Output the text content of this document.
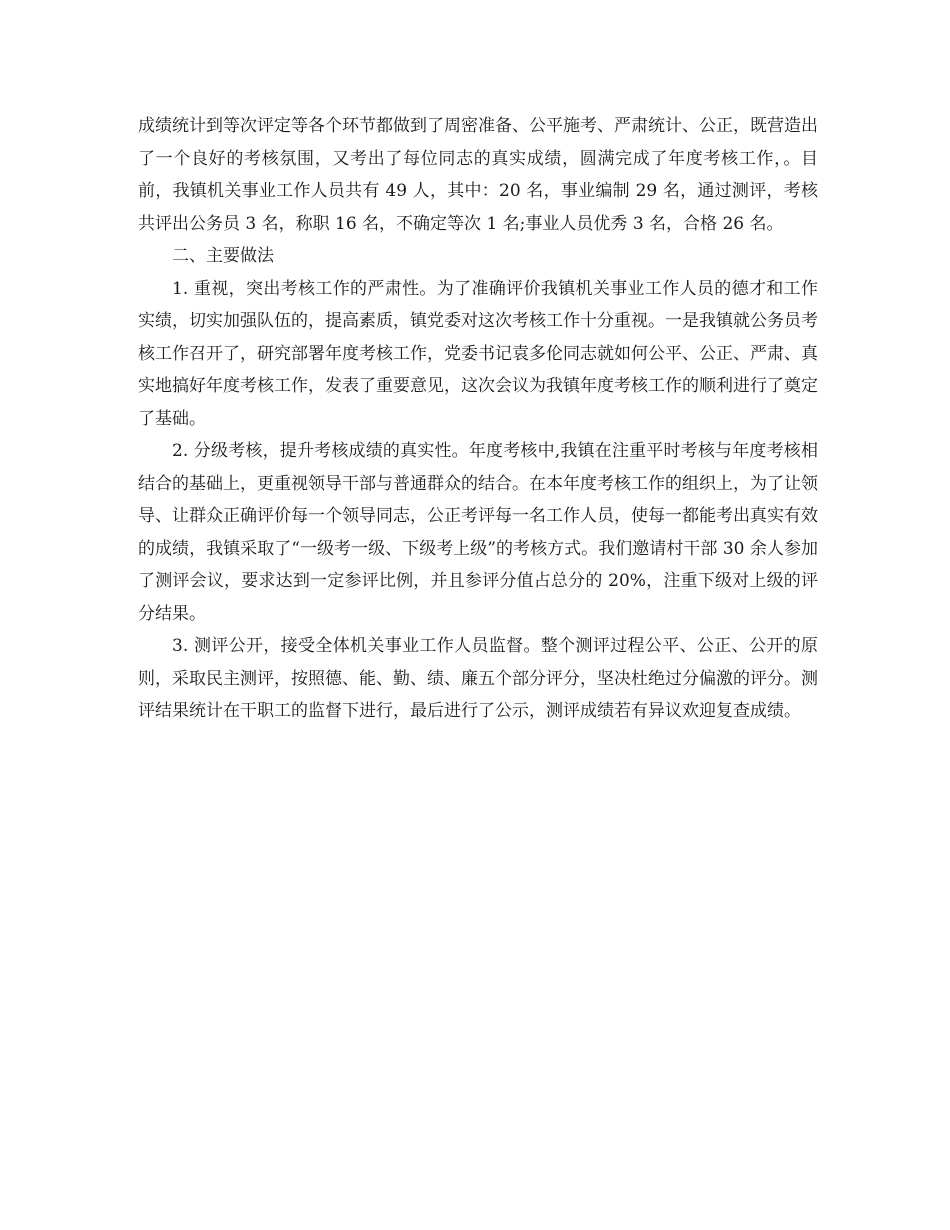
成绩统计到等次评定等各个环节都做到了周密准备、公平施考、严肃统计、公正，既营造出了一个良好的考核氛围，又考出了每位同志的真实成绩，圆满完成了年度考核工作，。目前，我镇机关事业工作人员共有 49 人，其中：20 名，事业编制 29 名，通过测评，考核共评出公务员 3 名，称职 16 名，不确定等次 1 名;事业人员优秀 3 名，合格 26 名。

二、主要做法

1. 重视，突出考核工作的严肃性。为了准确评价我镇机关事业工作人员的德才和工作实绩，切实加强队伍的，提高素质，镇党委对这次考核工作十分重视。一是我镇就公务员考核工作召开了，研究部署年度考核工作，党委书记袁多伦同志就如何公平、公正、严肃、真实地搞好年度考核工作，发表了重要意见，这次会议为我镇年度考核工作的顺利进行了奠定了基础。

2. 分级考核，提升考核成绩的真实性。年度考核中,我镇在注重平时考核与年度考核相结合的基础上，更重视领导干部与普通群众的结合。在本年度考核工作的组织上，为了让领导、让群众正确评价每一个领导同志，公正考评每一名工作人员，使每一都能考出真实有效的成绩，我镇采取了“一级考一级、下级考上级”的考核方式。我们邀请村干部 30 余人参加了测评会议，要求达到一定参评比例，并且参评分值占总分的 20%，注重下级对上级的评分结果。

3. 测评公开，接受全体机关事业工作人员监督。整个测评过程公平、公正、公开的原则，采取民主测评，按照德、能、勤、绩、廉五个部分评分，坚决杜绝过分偏激的评分。测评结果统计在干职工的监督下进行，最后进行了公示，测评成绩若有异议欢迎复查成绩。
